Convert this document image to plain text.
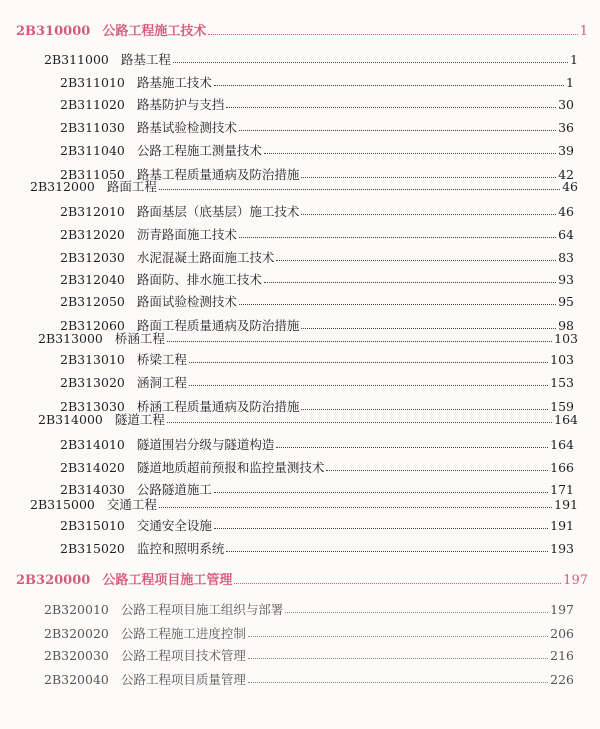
2B310000 公路工程施工技术	1
2B311000 路基工程	1
2B311010 路基施工技术	1
2B311020 路基防护与支挡	30
2B311030 路基试验检测技术	36
2B311040 公路工程施工测量技术	39
2B311050 路基工程质量通病及防治措施	42
2B312000 路面工程	46
2B312010 路面基层（底基层）施工技术	46
2B312020 沥青路面施工技术	64
2B312030 水泥混凝土路面施工技术	83
2B312040 路面防、排水施工技术	93
2B312050 路面试验检测技术	95
2B312060 路面工程质量通病及防治措施	98
2B313000 桥涵工程	103
2B313010 桥梁工程	103
2B313020 涵洞工程	153
2B313030 桥涵工程质量通病及防治措施	159
2B314000 隧道工程	164
2B314010 隧道围岩分级与隧道构造	164
2B314020 隧道地质超前预报和监控量测技术	166
2B314030 公路隧道施工	171
2B315000 交通工程	191
2B315010 交通安全设施	191
2B315020 监控和照明系统	193
2B320000 公路工程项目施工管理	197
2B320010 公路工程项目施工组织与部署	197
2B320020 公路工程施工进度控制	206
2B320030 公路工程项目技术管理	216
2B320040 公路工程项目质量管理	226
